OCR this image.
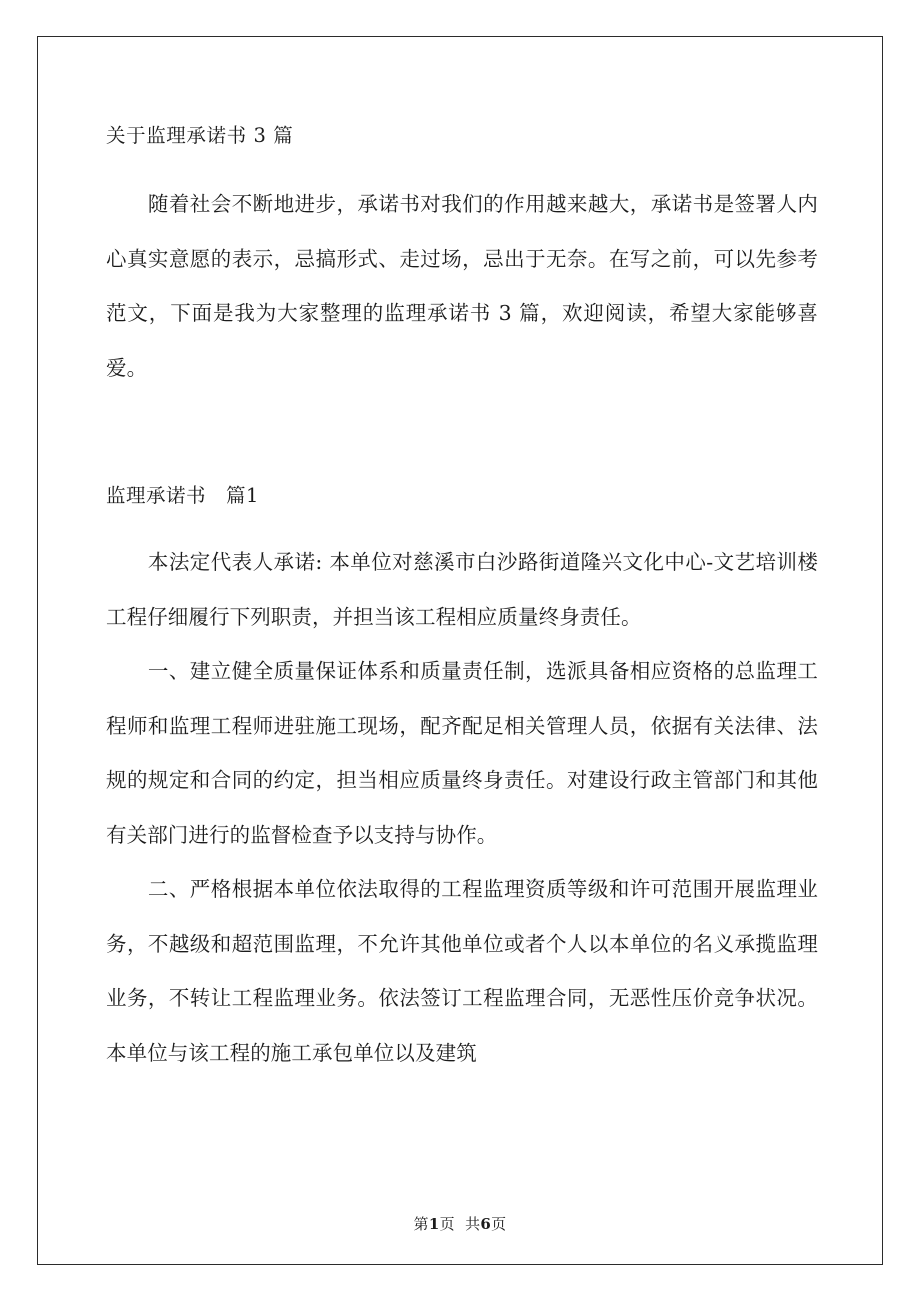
关于监理承诺书 3 篇

　　随着社会不断地进步，承诺书对我们的作用越来越大，承诺书是签署人内心真实意愿的表示，忌搞形式、走过场，忌出于无奈。在写之前，可以先参考范文，下面是我为大家整理的监理承诺书 3 篇，欢迎阅读，希望大家能够喜爱。

监理承诺书　篇1

　　本法定代表人承诺: 本单位对慈溪市白沙路街道隆兴文化中心-文艺培训楼 工程仔细履行下列职责，并担当该工程相应质量终身责任。

　　一、建立健全质量保证体系和质量责任制，选派具备相应资格的总监理工程师和监理工程师进驻施工现场，配齐配足相关管理人员，依据有关法律、法规的规定和合同的约定，担当相应质量终身责任。对建设行政主管部门和其他有关部门进行的监督检查予以支持与协作。

　　二、严格根据本单位依法取得的工程监理资质等级和许可范围开展监理业务，不越级和超范围监理，不允许其他单位或者个人以本单位的名义承揽监理业务，不转让工程监理业务。依法签订工程监理合同，无恶性压价竞争状况。本单位与该工程的施工承包单位以及建筑

第1页 共6页
